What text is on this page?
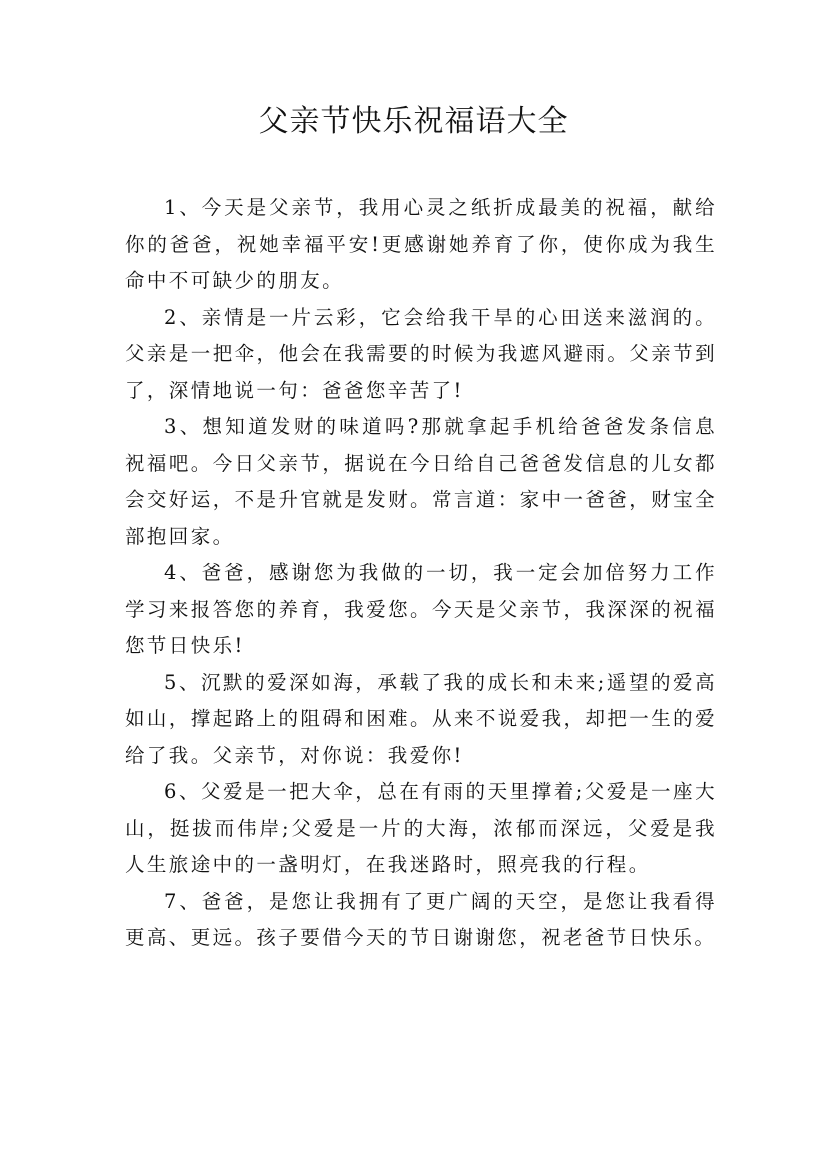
父亲节快乐祝福语大全

1、今天是父亲节，我用心灵之纸折成最美的祝福，献给你的爸爸，祝她幸福平安!更感谢她养育了你，使你成为我生命中不可缺少的朋友。

2、亲情是一片云彩，它会给我干旱的心田送来滋润的。父亲是一把伞，他会在我需要的时候为我遮风避雨。父亲节到了，深情地说一句：爸爸您辛苦了!

3、想知道发财的味道吗?那就拿起手机给爸爸发条信息祝福吧。今日父亲节，据说在今日给自己爸爸发信息的儿女都会交好运，不是升官就是发财。常言道：家中一爸爸，财宝全部抱回家。

4、爸爸，感谢您为我做的一切，我一定会加倍努力工作学习来报答您的养育，我爱您。今天是父亲节，我深深的祝福您节日快乐!

5、沉默的爱深如海，承载了我的成长和未来;遥望的爱高如山，撑起路上的阻碍和困难。从来不说爱我，却把一生的爱给了我。父亲节，对你说：我爱你!

6、父爱是一把大伞，总在有雨的天里撑着;父爱是一座大山，挺拔而伟岸;父爱是一片的大海，浓郁而深远，父爱是我人生旅途中的一盏明灯，在我迷路时，照亮我的行程。

7、爸爸，是您让我拥有了更广阔的天空，是您让我看得更高、更远。孩子要借今天的节日谢谢您，祝老爸节日快乐。
